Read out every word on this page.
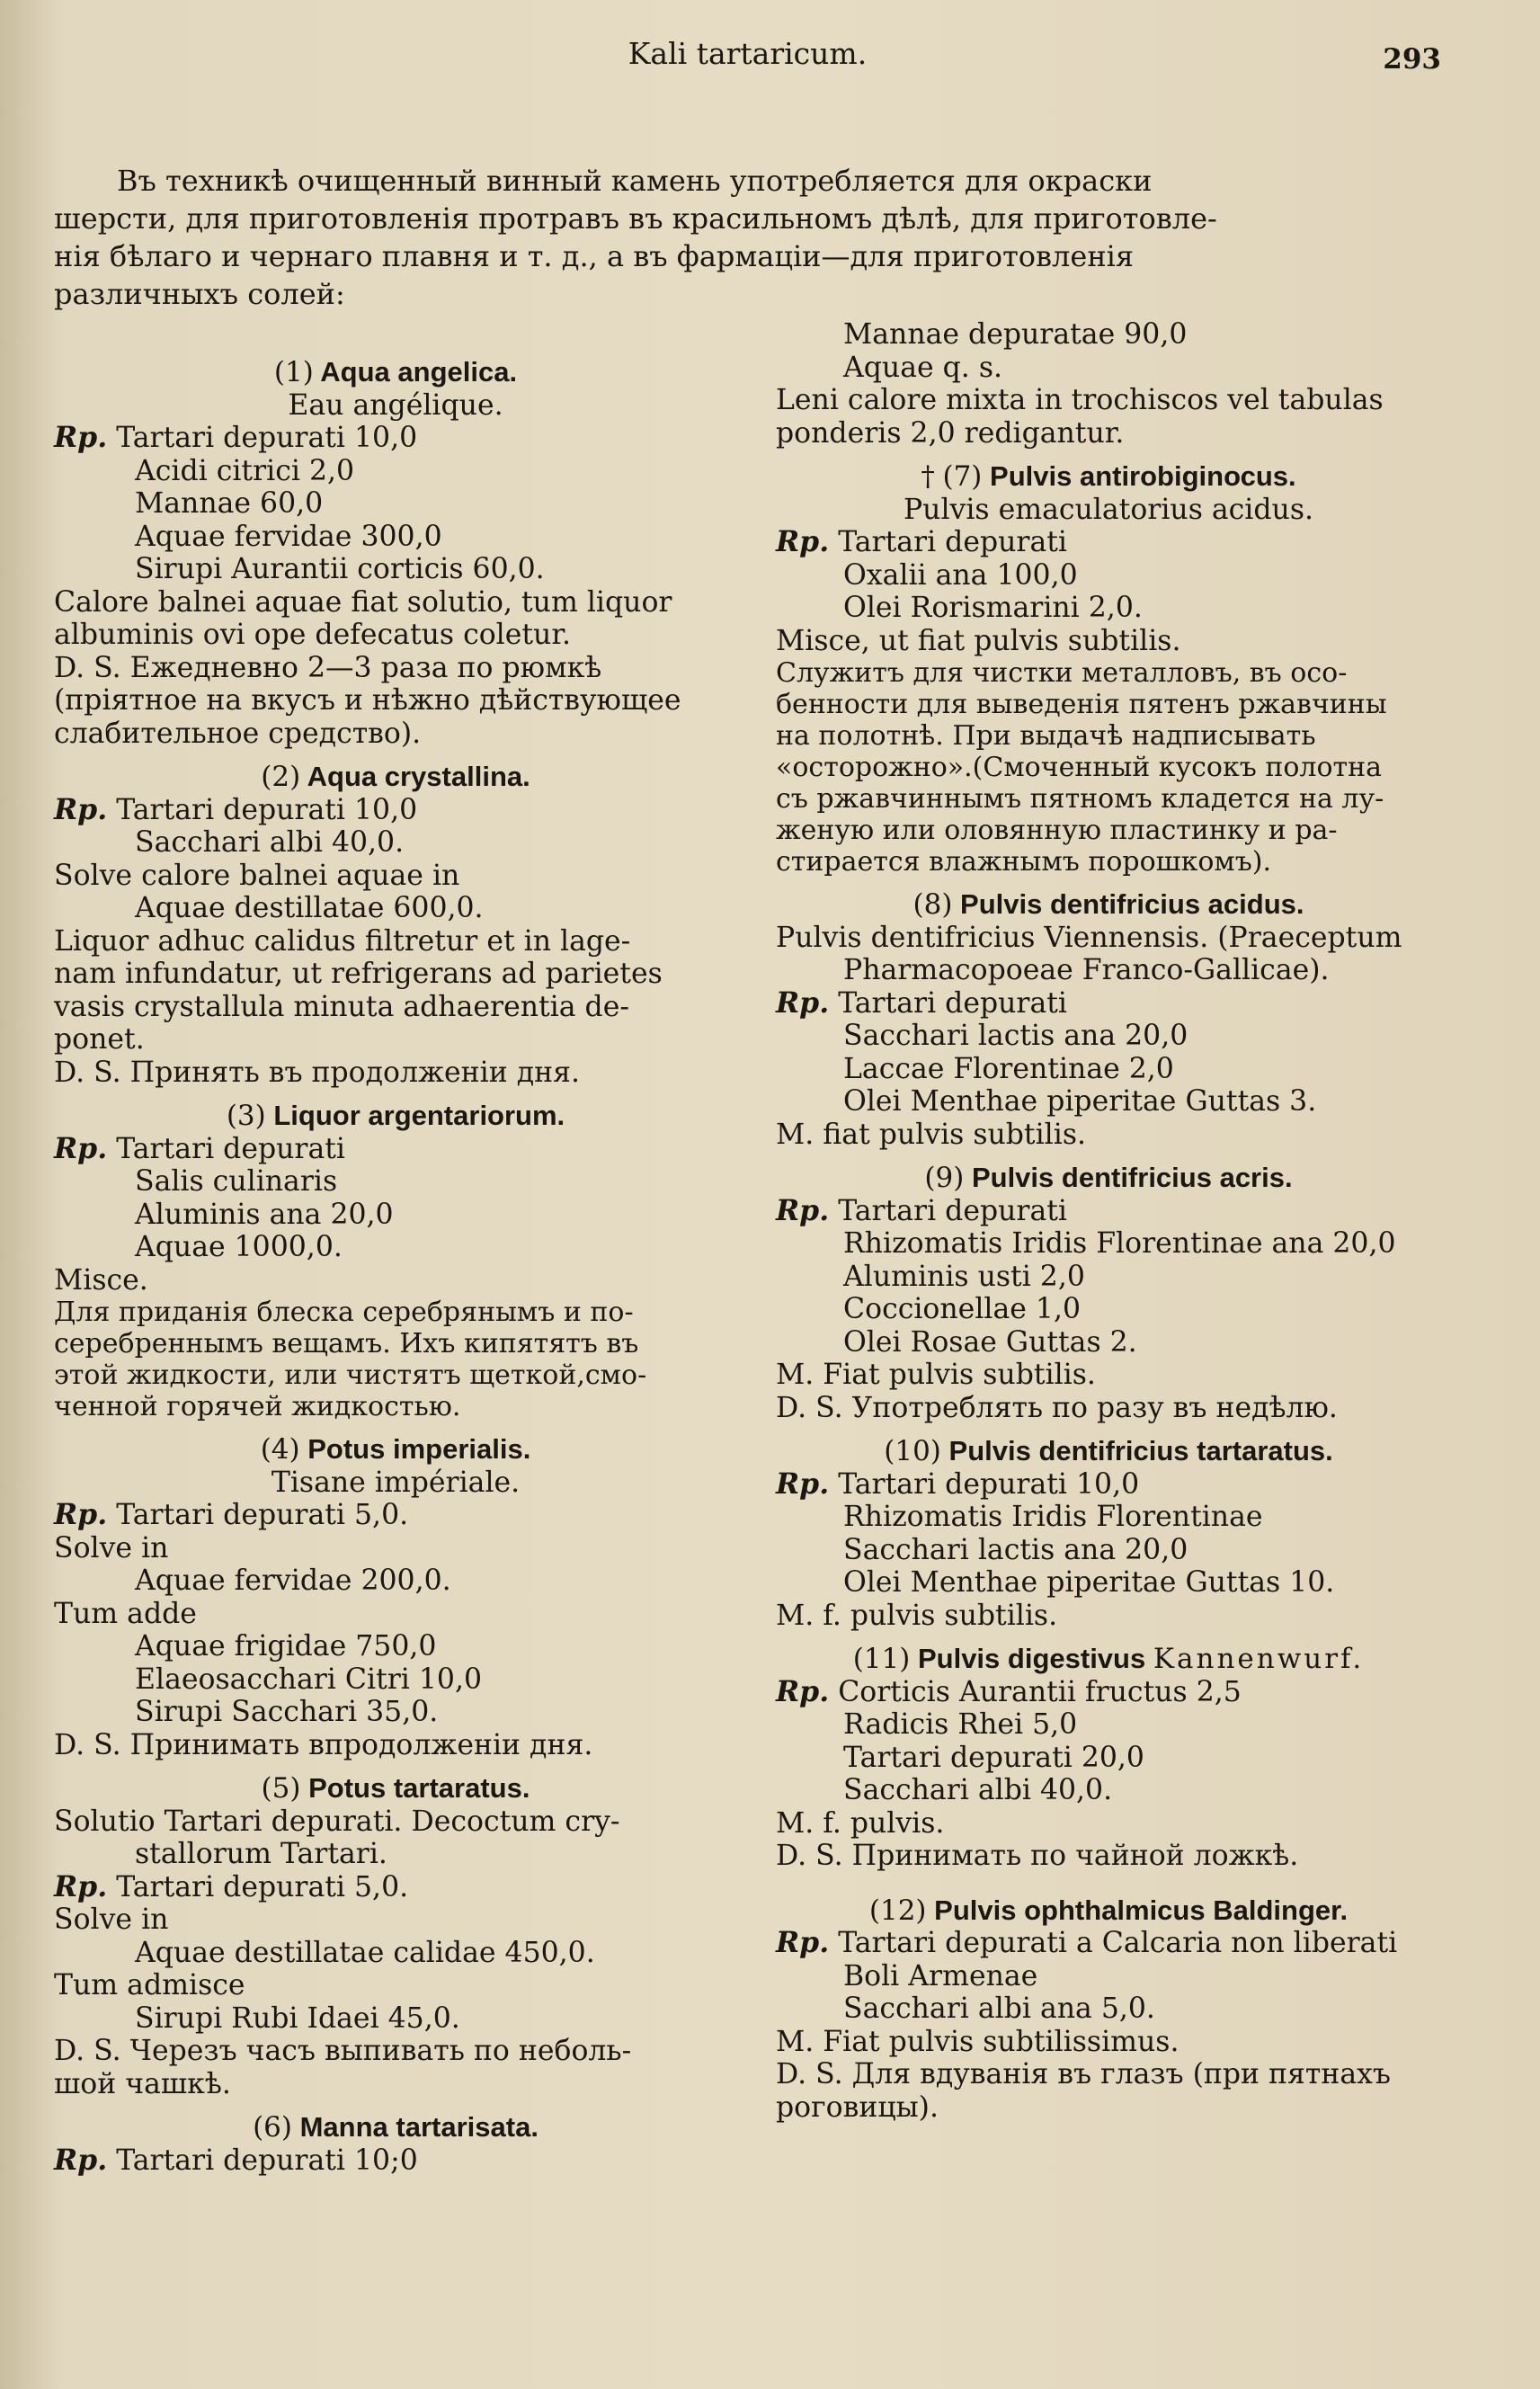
Kali tartaricum.	293
Въ техникѣ очищенный винный камень употребляется для окраски
шерсти, для приготовленія протравъ въ красильномъ дѣлѣ, для приготовле-
нія бѣлаго и чернаго плавня и т. д., а въ фармаціи—для приготовленія
различныхъ солей:
(1) Aqua angelica.
Eau angélique.
Rp. Tartari depurati 10,0
Acidi citrici 2,0
Mannae 60,0
Aquae fervidae 300,0
Sirupi Aurantii corticis 60,0.
Calore balnei aquae fiat solutio, tum liquor
albuminis ovi ope defecatus coletur.
D. S. Ежедневно 2—3 раза по рюмкѣ
(пріятное на вкусъ и нѣжно дѣйствующее
слабительное средство).
(2) Aqua crystallina.
Rp. Tartari depurati 10,0
Sacchari albi 40,0.
Solve calore balnei aquae in
Aquae destillatae 600,0.
Liquor adhuc calidus filtretur et in lage-
nam infundatur, ut refrigerans ad parietes
vasis crystallula minuta adhaerentia de-
ponet.
D. S. Принять въ продолженіи дня.
(3) Liquor argentariorum.
Rp. Tartari depurati
Salis culinaris
Aluminis ana 20,0
Aquae 1000,0.
Misce.
Для приданія блеска серебрянымъ и по-
серебреннымъ вещамъ. Ихъ кипятятъ въ
этой жидкости, или чистятъ щеткой,смо-
ченной горячей жидкостью.
(4) Potus imperialis.
Tisane impériale.
Rp. Tartari depurati 5,0.
Solve in
Aquae fervidae 200,0.
Tum adde
Aquae frigidae 750,0
Elaeosacchari Citri 10,0
Sirupi Sacchari 35,0.
D. S. Принимать впродолженіи дня.
(5) Potus tartaratus.
Solutio Tartari depurati. Decoctum cry-
stallorum Tartari.
Rp. Tartari depurati 5,0.
Solve in
Aquae destillatae calidae 450,0.
Tum admisce
Sirupi Rubi Idaei 45,0.
D. S. Черезъ часъ выпивать по неболь-
шой чашкѣ.
(6) Manna tartarisata.
Rp. Tartari depurati 10;0
Mannae depuratae 90,0
Aquae q. s.
Leni calore mixta in trochiscos vel tabulas
ponderis 2,0 redigantur.
† (7) Pulvis antirobiginосus.
Pulvis emaculatorius acidus.
Rp. Tartari depurati
Oxalii ana 100,0
Olei Rorismarini 2,0.
Misce, ut fiat pulvis subtilis.
Служитъ для чистки металловъ, въ осо-
бенности для выведенія пятенъ ржавчины
на полотнѣ. При выдачѣ надписывать
«осторожно».(Смоченный кусокъ полотна
съ ржавчиннымъ пятномъ кладется на лу-
женую или оловянную пластинку и ра-
стирается влажнымъ порошкомъ).
(8) Pulvis dentifricius acidus.
Pulvis dentifricius Viennensis. (Praeceptum
Pharmacopoeae Franco-Gallicae).
Rp. Tartari depurati
Sacchari lactis ana 20,0
Laccae Florentinae 2,0
Olei Menthae piperitae Guttas 3.
M. fiat pulvis subtilis.
(9) Pulvis dentifricius acris.
Rp. Tartari depurati
Rhizomatis Iridis Florentinae ana 20,0
Aluminis usti 2,0
Coccionellae 1,0
Olei Rosae Guttas 2.
M. Fiat pulvis subtilis.
D. S. Употреблять по разу въ недѣлю.
(10) Pulvis dentifricius tartaratus.
Rp. Tartari depurati 10,0
Rhizomatis Iridis Florentinae
Sacchari lactis ana 20,0
Olei Menthae piperitae Guttas 10.
M. f. pulvis subtilis.
(11) Pulvis digestivus Kannenwurf.
Rp. Corticis Aurantii fructus 2,5
Radicis Rhei 5,0
Tartari depurati 20,0
Sacchari albi 40,0.
M. f. pulvis.
D. S. Принимать по чайной ложкѣ.
(12) Pulvis ophthalmicus Baldinger.
Rp. Tartari depurati a Calcaria non liberati
Boli Armenae
Sacchari albi ana 5,0.
M. Fiat pulvis subtilissimus.
D. S. Для вдуванія въ глазъ (при пятнахъ
роговицы).
